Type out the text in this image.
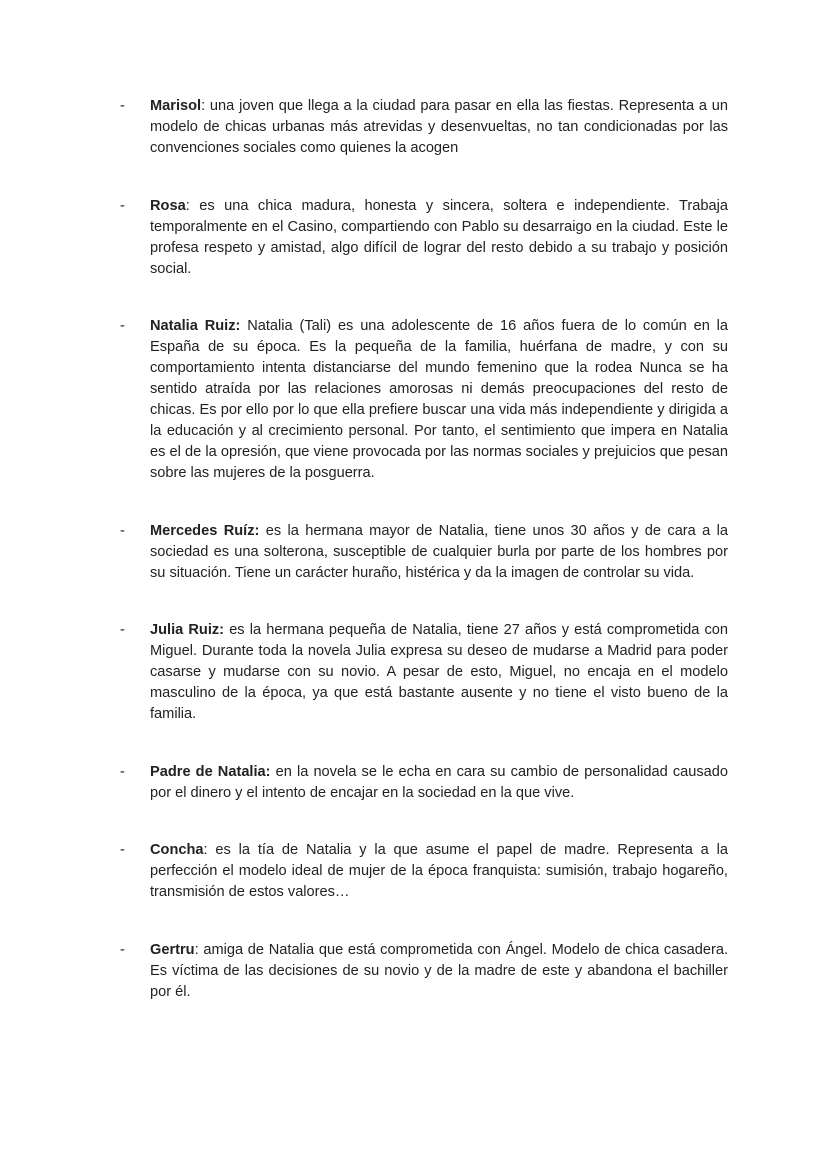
-	Marisol: una joven que llega a la ciudad para pasar en ella las fiestas. Representa a un modelo de chicas urbanas más atrevidas y desenvueltas, no tan condicionadas por las convenciones sociales como quienes la acogen
-	Rosa: es una chica madura, honesta y sincera, soltera e independiente. Trabaja temporalmente en el Casino, compartiendo con Pablo su desarraigo en la ciudad. Este le profesa respeto y amistad, algo difícil de lograr del resto debido a su trabajo y posición social.
-	Natalia Ruiz: Natalia (Tali) es una adolescente de 16 años fuera de lo común en la España de su época. Es la pequeña de la familia, huérfana de madre, y con su comportamiento intenta distanciarse del mundo femenino que la rodea Nunca se ha sentido atraída por las relaciones amorosas ni demás preocupaciones del resto de chicas. Es por ello por lo que ella prefiere buscar una vida más independiente y dirigida a la educación y al crecimiento personal. Por tanto, el sentimiento que impera en Natalia es el de la opresión, que viene provocada por las normas sociales y prejuicios que pesan sobre las mujeres de la posguerra.
-	Mercedes Ruíz: es la hermana mayor de Natalia, tiene unos 30 años y de cara a la sociedad es una solterona, susceptible de cualquier burla por parte de los hombres por su situación. Tiene un carácter huraño, histérica y da la imagen de controlar su vida.
-	Julia Ruiz: es la hermana pequeña de Natalia, tiene 27 años y está comprometida con Miguel. Durante toda la novela Julia expresa su deseo de mudarse a Madrid para poder casarse y mudarse con su novio. A pesar de esto, Miguel, no encaja en el modelo masculino de la época, ya que está bastante ausente y no tiene el visto bueno de la familia.
-	Padre de Natalia: en la novela se le echa en cara su cambio de personalidad causado por el dinero y el intento de encajar en la sociedad en la que vive.
-	Concha: es la tía de Natalia y la que asume el papel de madre. Representa a la perfección el modelo ideal de mujer de la época franquista: sumisión, trabajo hogareño, transmisión de estos valores…
-	Gertru: amiga de Natalia que está comprometida con Ángel. Modelo de chica casadera. Es víctima de las decisiones de su novio y de la madre de este y abandona el bachiller por él.
